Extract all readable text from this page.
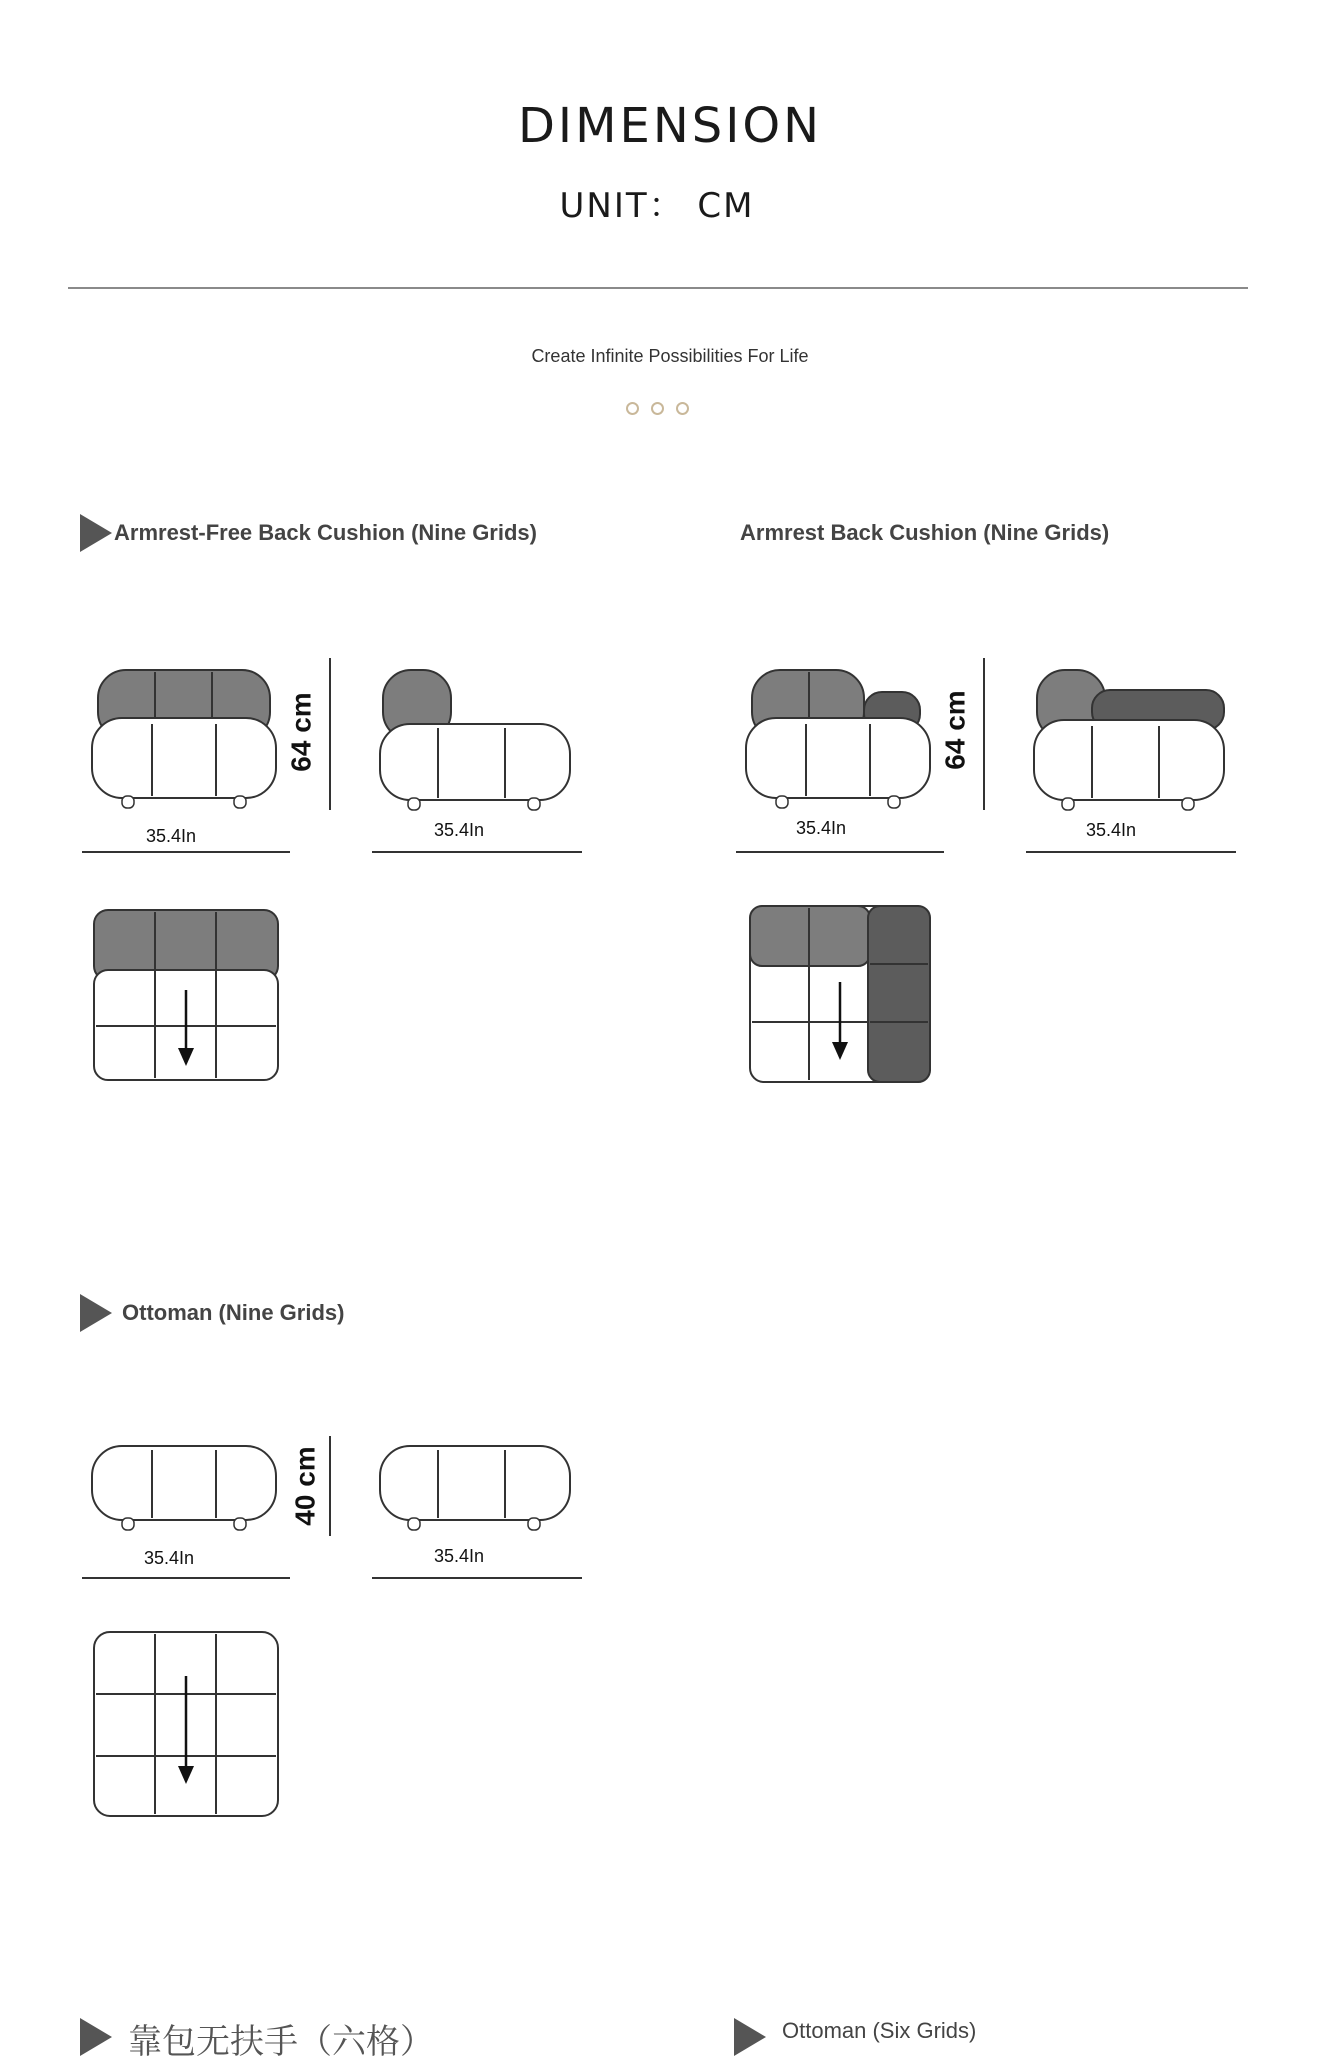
DIMENSION
UNIT： CM
Create Infinite Possibilities For Life
Armrest-Free Back Cushion (Nine Grids)
35.4In	35.4In
64 cm
Armrest Back Cushion (Nine Grids)
35.4In	35.4In
64 cm
Ottoman (Nine Grids)
35.4In	35.4In
40 cm
靠包无扶手（六格）	Ottoman (Six Grids)
